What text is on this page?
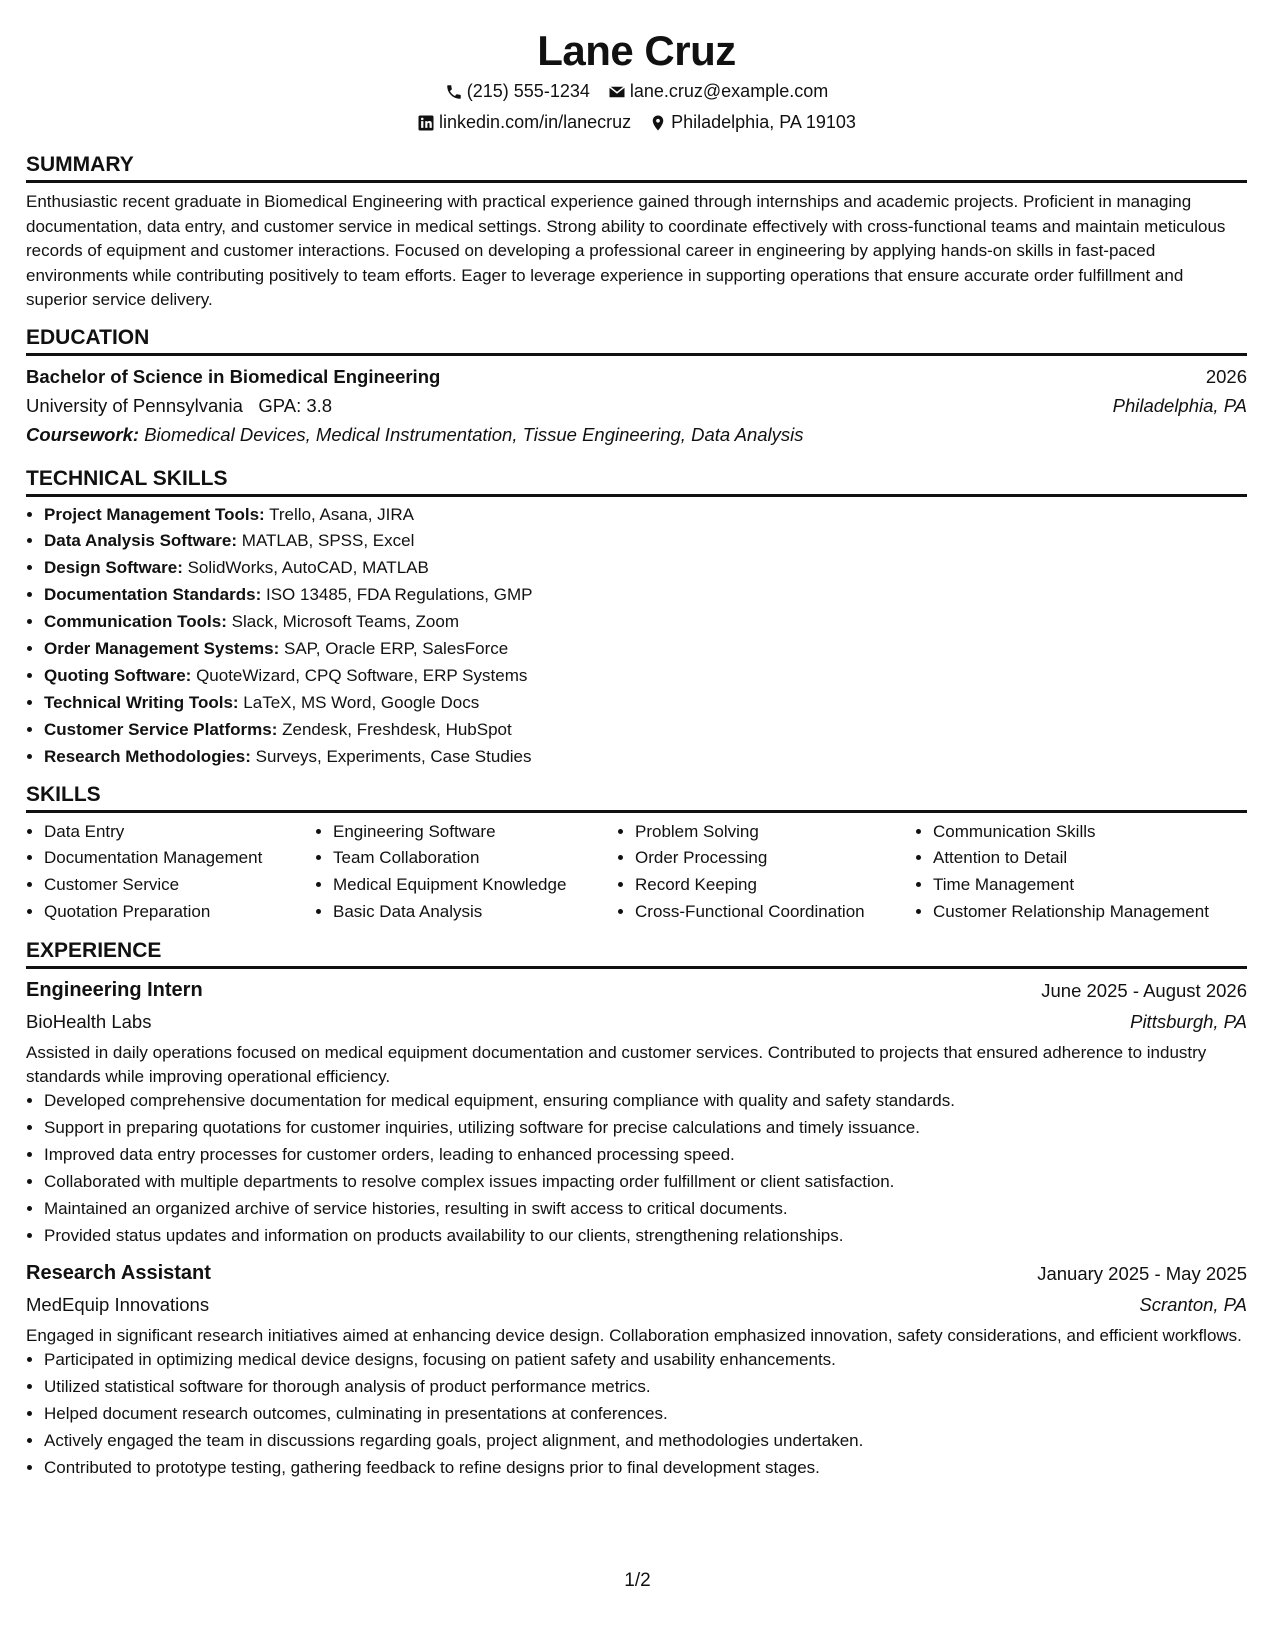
Lane Cruz
(215) 555-1234 lane.cruz@example.com
linkedin.com/in/lanecruz Philadelphia, PA 19103
SUMMARY

Enthusiastic recent graduate in Biomedical Engineering with practical experience gained through internships and academic projects. Proficient in managing documentation, data entry, and customer service in medical settings. Strong ability to coordinate effectively with cross-functional teams and maintain meticulous records of equipment and customer interactions. Focused on developing a professional career in engineering by applying hands-on skills in fast-paced environments while contributing positively to team efforts. Eager to leverage experience in supporting operations that ensure accurate order fulfillment and superior service delivery.

EDUCATION
Bachelor of Science in Biomedical Engineering	2026
University of Pennsylvania GPA: 3.8	Philadelphia, PA
Coursework: Biomedical Devices, Medical Instrumentation, Tissue Engineering, Data Analysis
TECHNICAL SKILLS
• Project Management Tools: Trello, Asana, JIRA
• Data Analysis Software: MATLAB, SPSS, Excel
• Design Software: SolidWorks, AutoCAD, MATLAB
• Documentation Standards: ISO 13485, FDA Regulations, GMP
• Communication Tools: Slack, Microsoft Teams, Zoom
• Order Management Systems: SAP, Oracle ERP, SalesForce
• Quoting Software: QuoteWizard, CPQ Software, ERP Systems
• Technical Writing Tools: LaTeX, MS Word, Google Docs
• Customer Service Platforms: Zendesk, Freshdesk, HubSpot
• Research Methodologies: Surveys, Experiments, Case Studies
SKILLS
• Data Entry
• Documentation Management
• Customer Service
• Quotation Preparation
• Engineering Software
• Team Collaboration
• Medical Equipment Knowledge
• Basic Data Analysis
• Problem Solving
• Order Processing
• Record Keeping
• Cross-Functional Coordination
• Communication Skills
• Attention to Detail
• Time Management
• Customer Relationship Management
EXPERIENCE
Engineering Intern	June 2025 - August 2026
BioHealth Labs	Pittsburgh, PA

Assisted in daily operations focused on medical equipment documentation and customer services. Contributed to projects that ensured adherence to industry standards while improving operational efficiency.

• Developed comprehensive documentation for medical equipment, ensuring compliance with quality and safety standards.
• Support in preparing quotations for customer inquiries, utilizing software for precise calculations and timely issuance.
• Improved data entry processes for customer orders, leading to enhanced processing speed.
• Collaborated with multiple departments to resolve complex issues impacting order fulfillment or client satisfaction.
• Maintained an organized archive of service histories, resulting in swift access to critical documents.
• Provided status updates and information on products availability to our clients, strengthening relationships.
Research Assistant	January 2025 - May 2025
MedEquip Innovations	Scranton, PA

Engaged in significant research initiatives aimed at enhancing device design. Collaboration emphasized innovation, safety considerations, and efficient workflows.

• Participated in optimizing medical device designs, focusing on patient safety and usability enhancements.
• Utilized statistical software for thorough analysis of product performance metrics.
• Helped document research outcomes, culminating in presentations at conferences.
• Actively engaged the team in discussions regarding goals, project alignment, and methodologies undertaken.
• Contributed to prototype testing, gathering feedback to refine designs prior to final development stages.
1/2
